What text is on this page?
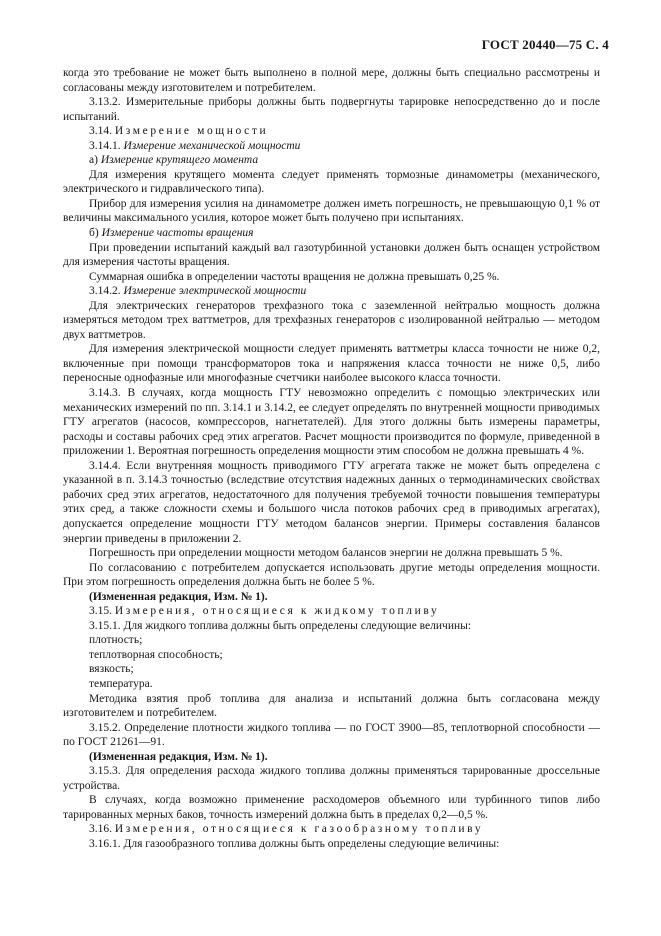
ГОСТ 20440—75 С. 4

когда это требование не может быть выполнено в полной мере, должны быть специально рассмотрены и согласованы между изготовителем и потребителем.

3.13.2. Измерительные приборы должны быть подвергнуты тарировке непосредственно до и после испытаний.

3.14. Измерение мощности

3.14.1. Измерение механической мощности

а) Измерение крутящего момента

Для измерения крутящего момента следует применять тормозные динамометры (механического, электрического и гидравлического типа).

Прибор для измерения усилия на динамометре должен иметь погрешность, не превышающую 0,1 % от величины максимального усилия, которое может быть получено при испытаниях.

б) Измерение частоты вращения

При проведении испытаний каждый вал газотурбинной установки должен быть оснащен устройством для измерения частоты вращения.

Суммарная ошибка в определении частоты вращения не должна превышать 0,25 %.

3.14.2. Измерение электрической мощности

Для электрических генераторов трехфазного тока с заземленной нейтралью мощность должна измеряться методом трех ваттметров, для трехфазных генераторов с изолированной нейтралью — методом двух ваттметров.

Для измерения электрической мощности следует применять ваттметры класса точности не ниже 0,2, включенные при помощи трансформаторов тока и напряжения класса точности не ниже 0,5, либо переносные однофазные или многофазные счетчики наиболее высокого класса точности.

3.14.3. В случаях, когда мощность ГТУ невозможно определить с помощью электрических или механических измерений по пп. 3.14.1 и 3.14.2, ее следует определять по внутренней мощности приводимых ГТУ агрегатов (насосов, компрессоров, нагнетателей). Для этого должны быть измерены параметры, расходы и составы рабочих сред этих агрегатов. Расчет мощности производится по формуле, приведенной в приложении 1. Вероятная погрешность определения мощности этим способом не должна превышать 4 %.

3.14.4. Если внутренняя мощность приводимого ГТУ агрегата также не может быть определена с указанной в п. 3.14.3 точностью (вследствие отсутствия надежных данных о термодинамических свойствах рабочих сред этих агрегатов, недостаточного для получения требуемой точности повышения температуры этих сред, а также сложности схемы и большого числа потоков рабочих сред в приводимых агрегатах), допускается определение мощности ГТУ методом балансов энергии. Примеры составления балансов энергии приведены в приложении 2.

Погрешность при определении мощности методом балансов энергии не должна превышать 5 %.

По согласованию с потребителем допускается использовать другие методы определения мощности. При этом погрешность определения должна быть не более 5 %.

(Измененная редакция, Изм. № 1).

3.15. Измерения, относящиеся к жидкому топливу

3.15.1. Для жидкого топлива должны быть определены следующие величины:

плотность;

теплотворная способность;

вязкость;

температура.

Методика взятия проб топлива для анализа и испытаний должна быть согласована между изготовителем и потребителем.

3.15.2. Определение плотности жидкого топлива — по ГОСТ 3900—85, теплотворной способности — по ГОСТ 21261—91.

(Измененная редакция, Изм. № 1).

3.15.3. Для определения расхода жидкого топлива должны применяться тарированные дроссельные устройства.

В случаях, когда возможно применение расходомеров объемного или турбинного типов либо тарированных мерных баков, точность измерений должна быть в пределах 0,2—0,5 %.

3.16. Измерения, относящиеся к газообразному топливу

3.16.1. Для газообразного топлива должны быть определены следующие величины:
